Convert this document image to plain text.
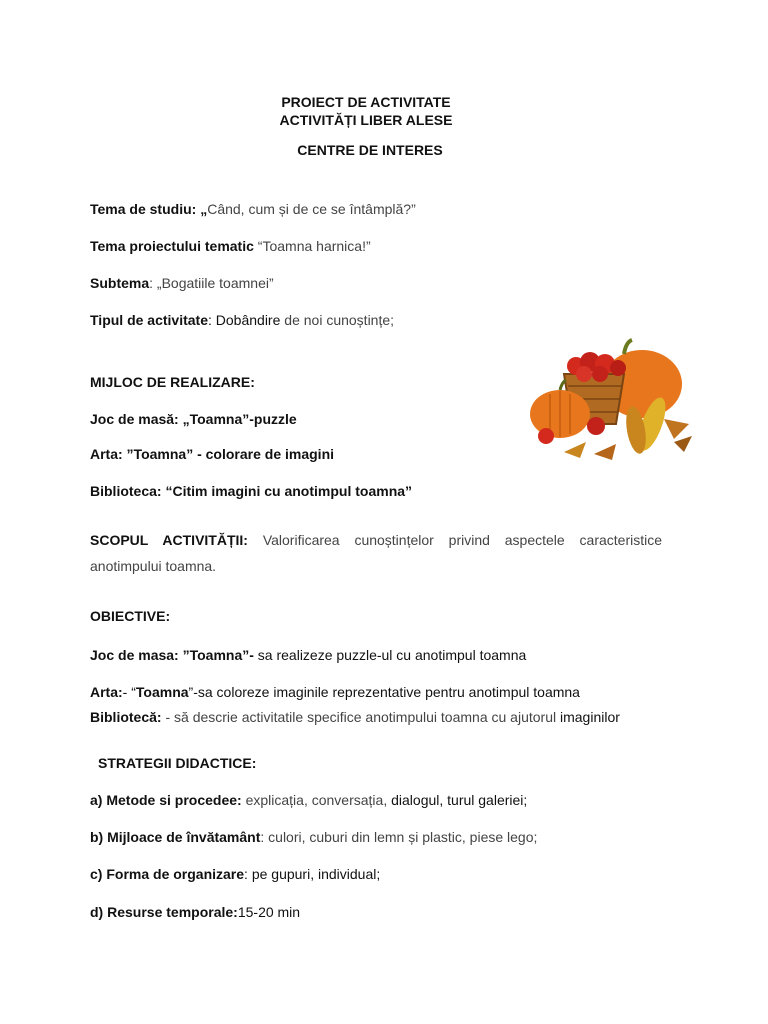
PROIECT DE ACTIVITATE
ACTIVITĂȚI LIBER ALESE
CENTRE DE INTERES
Tema de studiu: „Când, cum și de ce se întâmplă?”
Tema proiectului tematic “Toamna harnica!”
Subtema: „Bogatiile toamnei”
Tipul de activitate: Dobândire de noi cunoștințe;
MIJLOC DE REALIZARE:
Joc de masă: „Toamna”-puzzle
Arta: ”Toamna” - colorare de imagini
Biblioteca: “Citim imagini cu anotimpul toamna”
SCOPUL ACTIVITĂȚII: Valorificarea cunoștințelor privind aspectele caracteristice anotimpului toamna.
OBIECTIVE:
Joc de masa: ”Toamna”- sa realizeze puzzle-ul cu anotimpul toamna
Arta:- “Toamna”-sa coloreze imaginile reprezentative pentru anotimpul toamna
Bibliotecă: - să descrie activitatile specifice anotimpului toamna cu ajutorul imaginilor
STRATEGII DIDACTICE:
a) Metode si procedee: explicația, conversația, dialogul, turul galeriei;
b) Mijloace de învătamânt: culori, cuburi din lemn și plastic, piese lego;
c) Forma de organizare: pe gupuri, individual;
d) Resurse temporale:15-20 min
